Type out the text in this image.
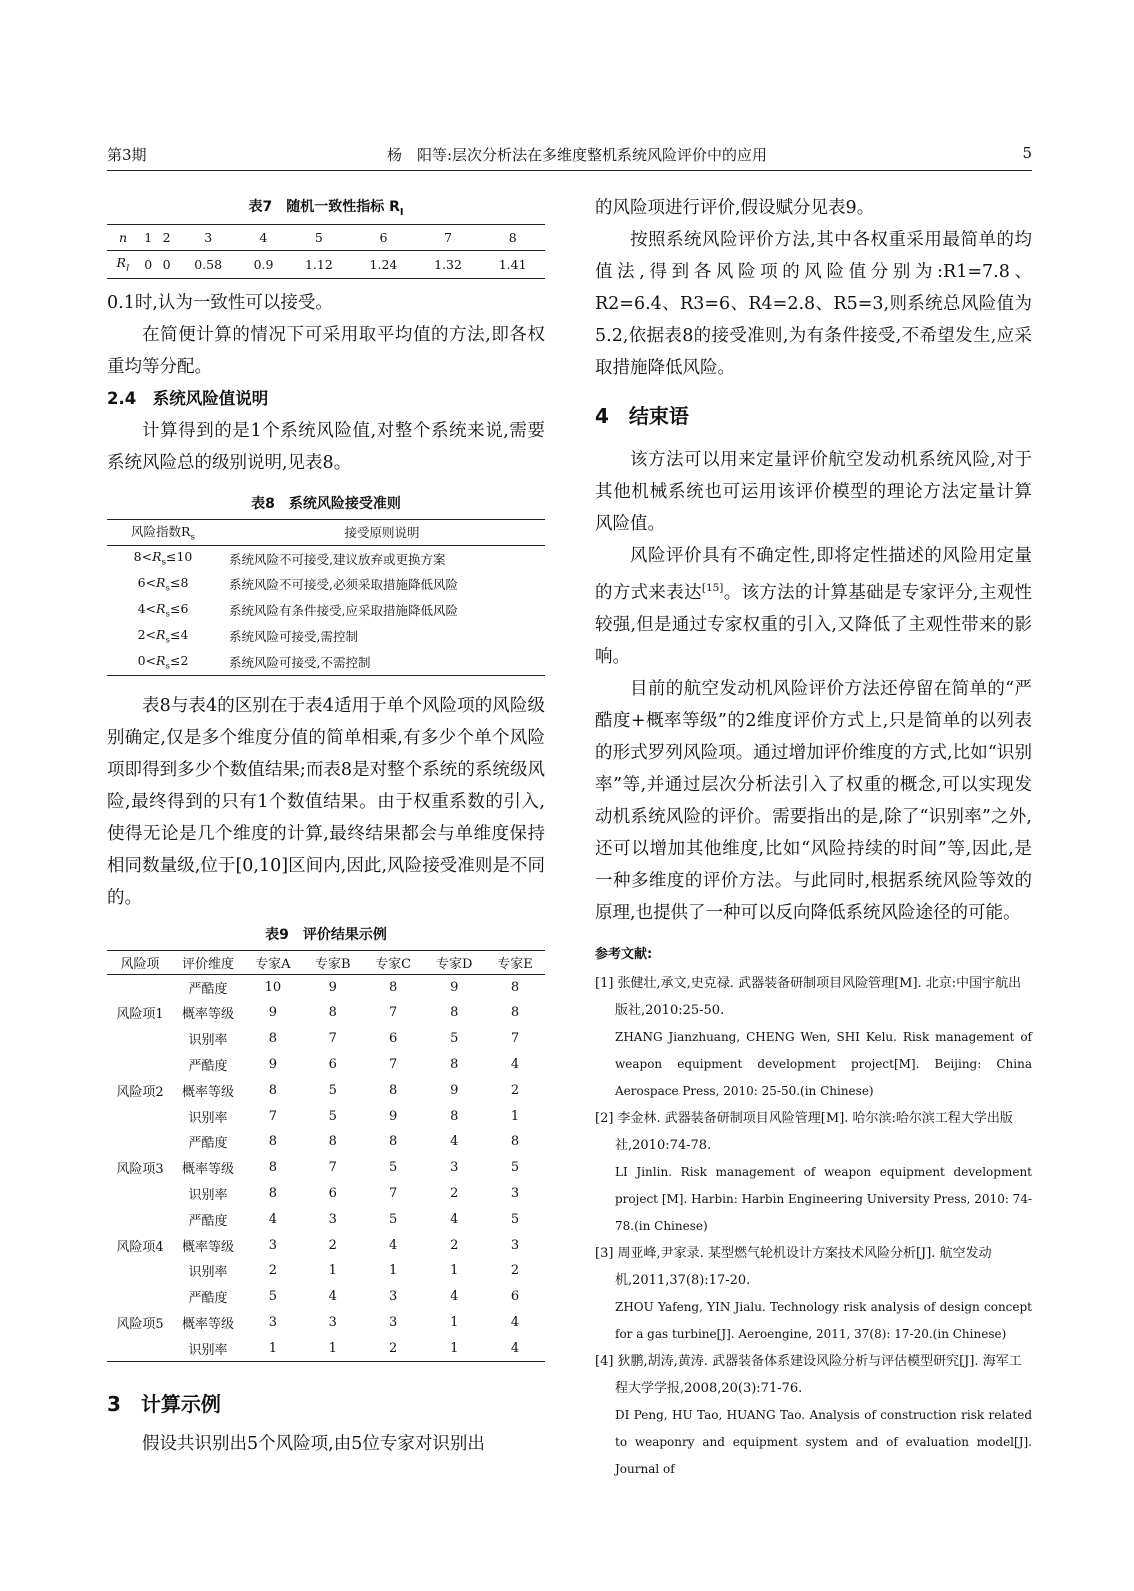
第3期	杨　阳等:层次分析法在多维度整机系统风险评价中的应用	5
表7　随机一致性指标 $R_I$
n	1	2	3	4	5	6	7	8
$R_I$	0	0	0.58	0.9	1.12	1.24	1.32	1.41

0.1时,认为一致性可以接受。

在简便计算的情况下可采用取平均值的方法,即各权重均等分配。

2.4　系统风险值说明

计算得到的是1个系统风险值,对整个系统来说,需要系统风险总的级别说明,见表8。

表8　系统风险接受准则
风险指数$R_s$	接受原则说明
$8<R_s\le 10$	系统风险不可接受,建议放弃或更换方案
$6<R_s\le 8$	系统风险不可接受,必须采取措施降低风险
$4<R_s\le 6$	系统风险有条件接受,应采取措施降低风险
$2<R_s\le 4$	系统风险可接受,需控制
$0<R_s\le 2$	系统风险可接受,不需控制

表8与表4的区别在于表4适用于单个风险项的风险级别确定,仅是多个维度分值的简单相乘,有多少个单个风险项即得到多少个数值结果;而表8是对整个系统的系统级风险,最终得到的只有1个数值结果。由于权重系数的引入,使得无论是几个维度的计算,最终结果都会与单维度保持相同数量级,位于[0,10]区间内,因此,风险接受准则是不同的。

表9　评价结果示例
风险项	评价维度	专家A	专家B	专家C	专家D	专家E
	严酷度	10	9	8	9	8
风险项1	概率等级	9	8	7	8	8
	识别率	8	7	6	5	7
	严酷度	9	6	7	8	4
风险项2	概率等级	8	5	8	9	2
	识别率	7	5	9	8	1
	严酷度	8	8	8	4	8
风险项3	概率等级	8	7	5	3	5
	识别率	8	6	7	2	3
	严酷度	4	3	5	4	5
风险项4	概率等级	3	2	4	2	3
	识别率	2	1	1	1	2
	严酷度	5	4	3	4	6
风险项5	概率等级	3	3	3	1	4
	识别率	1	1	2	1	4
3　计算示例

假设共识别出5个风险项,由5位专家对识别出

的风险项进行评价,假设赋分见表9。

按照系统风险评价方法,其中各权重采用最简单的均值法,得到各风险项的风险值分别为:R1=7.8、R2=6.4、R3=6、R4=2.8、R5=3,则系统总风险值为5.2,依据表8的接受准则,为有条件接受,不希望发生,应采取措施降低风险。

4　结束语

该方法可以用来定量评价航空发动机系统风险,对于其他机械系统也可运用该评价模型的理论方法定量计算风险值。

风险评价具有不确定性,即将定性描述的风险用定量的方式来表达[15]。该方法的计算基础是专家评分,主观性较强,但是通过专家权重的引入,又降低了主观性带来的影响。

目前的航空发动机风险评价方法还停留在简单的“严酷度+概率等级”的2维度评价方式上,只是简单的以列表的形式罗列风险项。通过增加评价维度的方式,比如“识别率”等,并通过层次分析法引入了权重的概念,可以实现发动机系统风险的评价。需要指出的是,除了“识别率”之外,还可以增加其他维度,比如“风险持续的时间”等,因此,是一种多维度的评价方法。与此同时,根据系统风险等效的原理,也提供了一种可以反向降低系统风险途径的可能。

参考文献:

[1] 张健壮,承文,史克禄. 武器装备研制项目风险管理[M]. 北京:中国宇航出版社,2010:25-50.

ZHANG Jianzhuang, CHENG Wen, SHI Kelu. Risk management of weapon equipment development project[M]. Beijing: China Aerospace Press, 2010: 25-50.(in Chinese)

[2] 李金林. 武器装备研制项目风险管理[M]. 哈尔滨:哈尔滨工程大学出版社,2010:74-78.

LI Jinlin. Risk management of weapon equipment development project [M]. Harbin: Harbin Engineering University Press, 2010: 74-78.(in Chinese)

[3] 周亚峰,尹家录. 某型燃气轮机设计方案技术风险分析[J]. 航空发动机,2011,37(8):17-20.

ZHOU Yafeng, YIN Jialu. Technology risk analysis of design concept for a gas turbine[J]. Aeroengine, 2011, 37(8): 17-20.(in Chinese)

[4] 狄鹏,胡涛,黄涛. 武器装备体系建设风险分析与评估模型研究[J]. 海军工程大学学报,2008,20(3):71-76.

DI Peng, HU Tao, HUANG Tao. Analysis of construction risk related to weaponry and equipment system and of evaluation model[J]. Journal of
